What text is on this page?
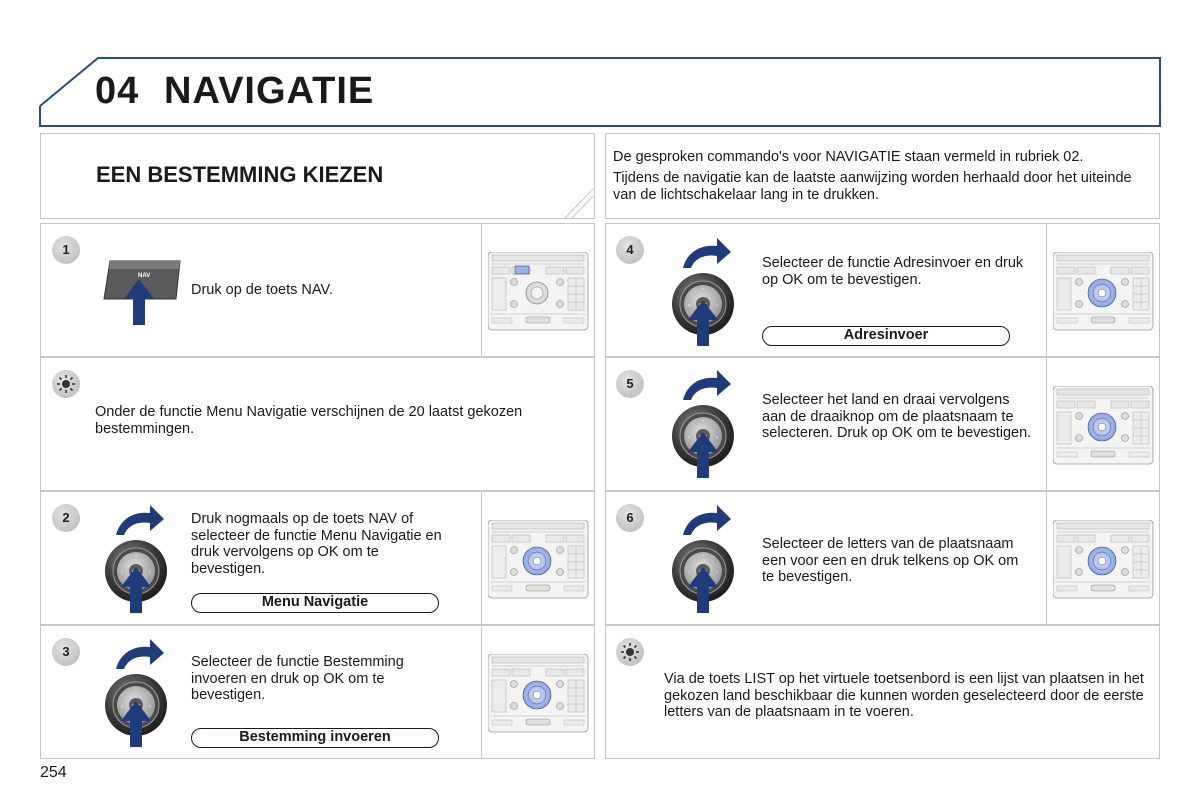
04 NAVIGATIE
EEN BESTEMMING KIEZEN

De gesproken commando's voor NAVIGATIE staan vermeld in rubriek 02.

Tijdens de navigatie kan de laatste aanwijzing worden herhaald door het uiteinde van de lichtschakelaar lang in te drukken.

1
NAV
Druk op de toets NAV.
Onder de functie Menu Navigatie verschijnen de 20 laatst gekozen bestemmingen.
2	Druk nogmaals op de toets NAV of selecteer de functie Menu Navigatie en druk vervolgens op OK om te bevestigen.
Menu Navigatie
3
Selecteer de functie Bestemming invoeren en druk op OK om te bevestigen.
Bestemming invoeren
4
Selecteer de functie Adresinvoer en druk op OK om te bevestigen.
Adresinvoer
5
Selecteer het land en draai vervolgens aan de draaiknop om de plaatsnaam te selecteren. Druk op OK om te bevestigen.
6
Selecteer de letters van de plaatsnaam een voor een en druk telkens op OK om te bevestigen.
Via de toets LIST op het virtuele toetsenbord is een lijst van plaatsen in het gekozen land beschikbaar die kunnen worden geselecteerd door de eerste letters van de plaatsnaam in te voeren.
254
